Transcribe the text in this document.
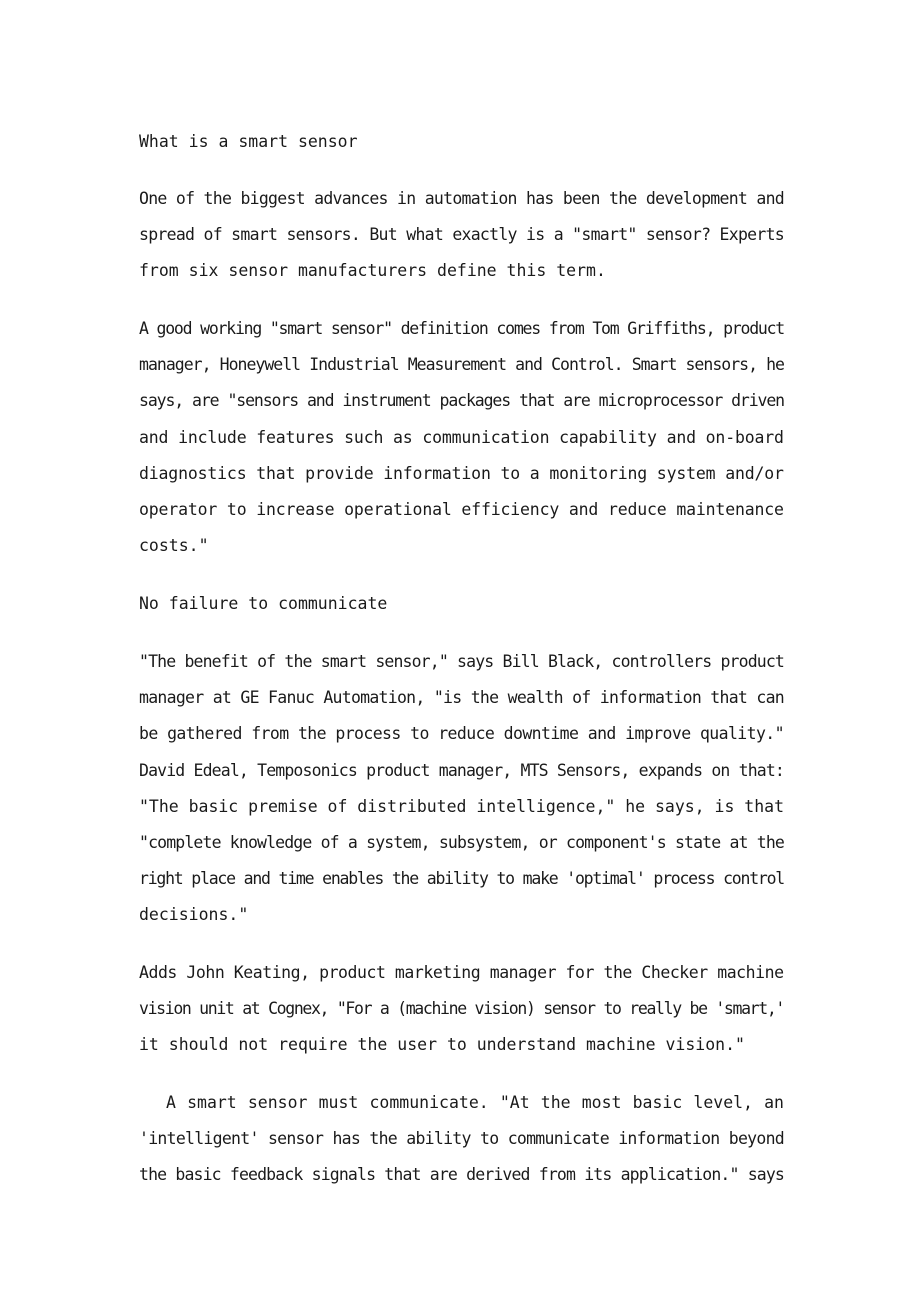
What is a smart sensor
One of the biggest advances in automation has been the development and
spread of smart sensors. But what exactly is a "smart" sensor? Experts
from six sensor manufacturers define this term.
A good working "smart sensor" definition comes from Tom Griffiths, product
manager, Honeywell Industrial Measurement and Control. Smart sensors, he
says, are "sensors and instrument packages that are microprocessor driven
and include features such as communication capability and on-board
diagnostics that provide information to a monitoring system and/or
operator to increase operational efficiency and reduce maintenance
costs."
No failure to communicate
"The benefit of the smart sensor," says Bill Black, controllers product
manager at GE Fanuc Automation, "is the wealth of information that can
be gathered from the process to reduce downtime and improve quality."
David Edeal, Temposonics product manager, MTS Sensors, expands on that:
"The basic premise of distributed intelligence," he says, is that
"complete knowledge of a system, subsystem, or component's state at the
right place and time enables the ability to make 'optimal' process control
decisions."
Adds John Keating, product marketing manager for the Checker machine
vision unit at Cognex, "For a (machine vision) sensor to really be 'smart,'
it should not require the user to understand machine vision."
A smart sensor must communicate. "At the most basic level, an
'intelligent' sensor has the ability to communicate information beyond
the basic feedback signals that are derived from its application." says
